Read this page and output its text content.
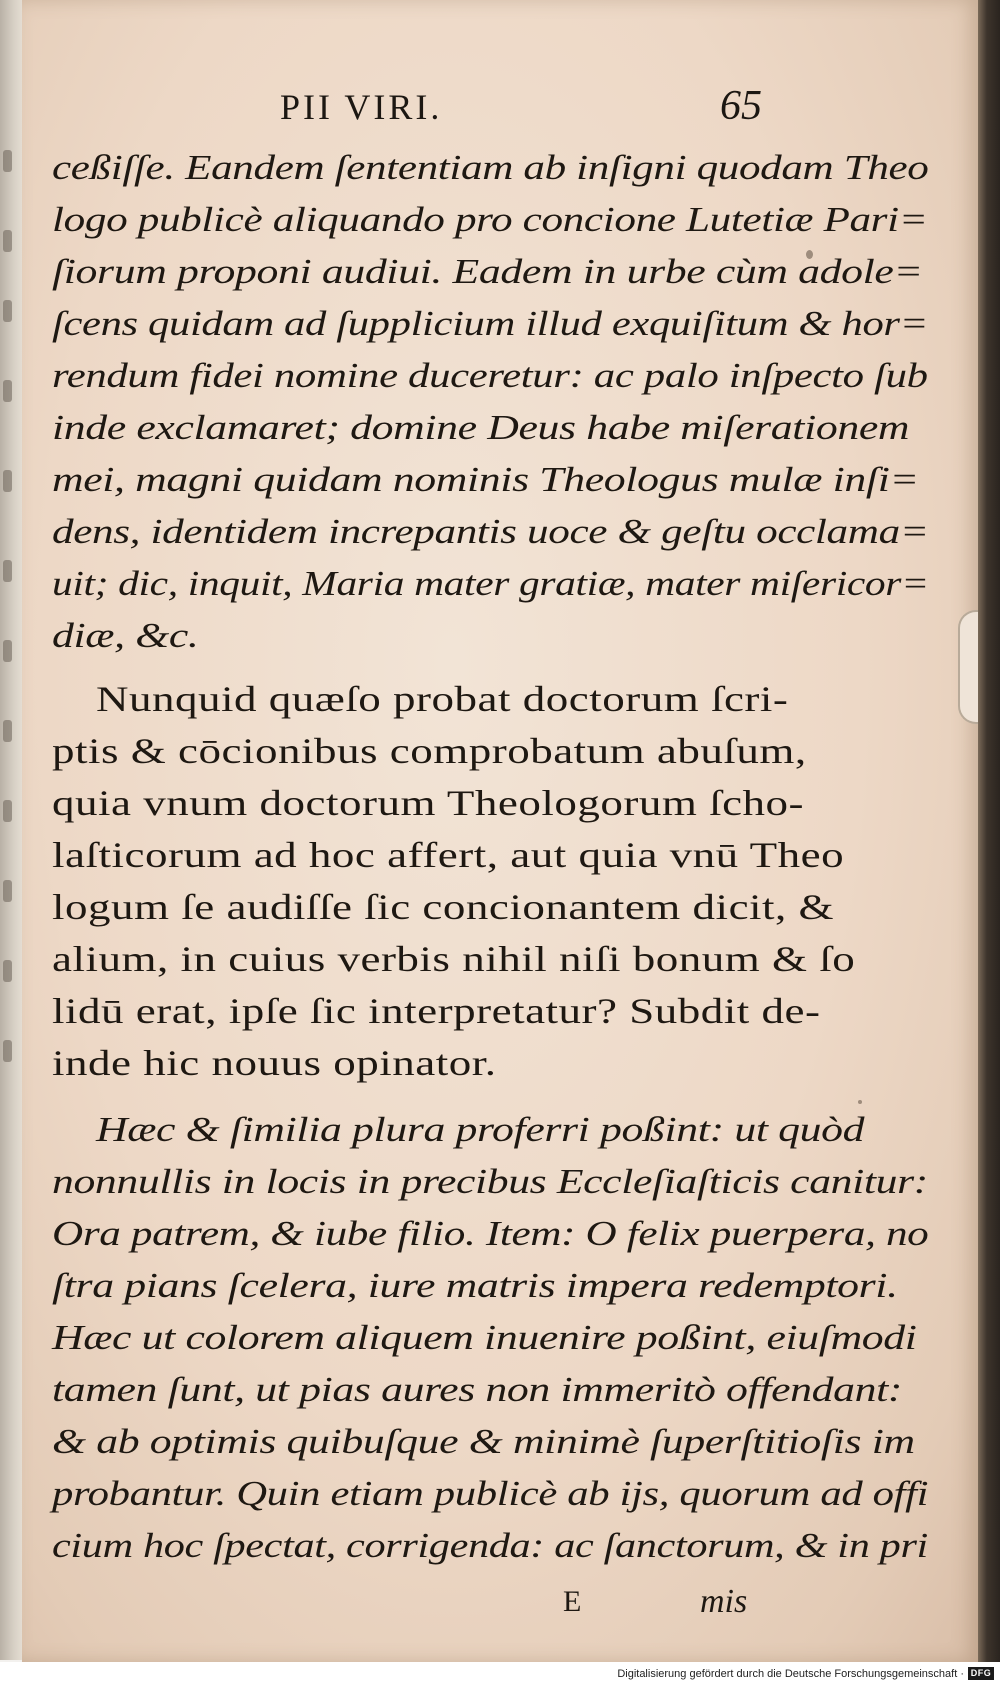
PII VIRI.	65
ceßiſſe. Eandem ſententiam ab inſigni quodam Theo
logo publicè aliquando pro concione Lutetiæ Pari=
ſiorum proponi audiui. Eadem in urbe cùm adole=
ſcens quidam ad ſupplicium illud exquiſitum & hor=
rendum fidei nomine duceretur: ac palo inſpecto ſub
inde exclamaret; domine Deus habe miſerationem
mei, magni quidam nominis Theologus mulæ inſi=
dens, identidem increpantis uoce & geſtu occlama=
uit; dic, inquit, Maria mater gratiæ, mater miſericor=
diæ, &c.
Nunquid quæſo probat doctorum ſcri-
ptis & cōcionibus comprobatum abuſum,
quia vnum doctorum Theologorum ſcho-
laſticorum ad hoc affert, aut quia vnū Theo
logum ſe audiſſe ſic concionantem dicit, &
alium, in cuius verbis nihil niſi bonum & ſo
lidū erat, ipſe ſic interpretatur? Subdit de-
inde hic nouus opinator.
Hæc & ſimilia plura proferri poßint: ut quòd
nonnullis in locis in precibus Eccleſiaſticis canitur:
Ora patrem, & iube filio. Item: O felix puerpera, no
ſtra pians ſcelera, iure matris impera redemptori.
Hæc ut colorem aliquem inuenire poßint, eiuſmodi
tamen ſunt, ut pias aures non immeritò offendant:
& ab optimis quibuſque & minimè ſuperſtitioſis im
probantur. Quin etiam publicè ab ijs, quorum ad offi
cium hoc ſpectat, corrigenda: ac ſanctorum, & in pri
E	mis
Digitalisierung gefördert durch die Deutsche Forschungsgemeinschaft · DFG
